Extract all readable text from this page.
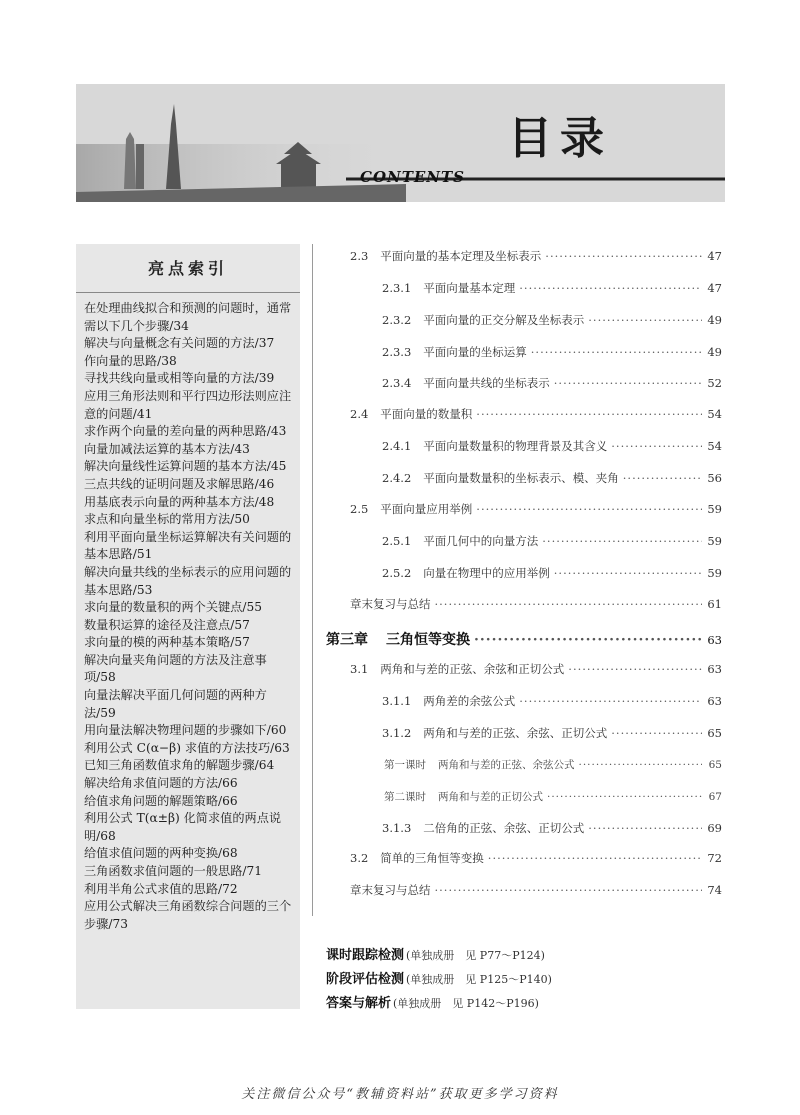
目录
CONTENTS
亮点索引
在处理曲线拟合和预测的问题时，通常需以下几个步骤/34
解决与向量概念有关问题的方法/37
作向量的思路/38
寻找共线向量或相等向量的方法/39
应用三角形法则和平行四边形法则应注意的问题/41
求作两个向量的差向量的两种思路/43
向量加减法运算的基本方法/43
解决向量线性运算问题的基本方法/45
三点共线的证明问题及求解思路/46
用基底表示向量的两种基本方法/48
求点和向量坐标的常用方法/50
利用平面向量坐标运算解决有关问题的基本思路/51
解决向量共线的坐标表示的应用问题的基本思路/53
求向量的数量积的两个关键点/55
数量积运算的途径及注意点/57
求向量的模的两种基本策略/57
解决向量夹角问题的方法及注意事项/58
向量法解决平面几何问题的两种方法/59
用向量法解决物理问题的步骤如下/60
利用公式 C(α−β) 求值的方法技巧/63
已知三角函数值求角的解题步骤/64
解决给角求值问题的方法/66
给值求角问题的解题策略/66
利用公式 T(α±β) 化简求值的两点说明/68
给值求值问题的两种变换/68
三角函数求值问题的一般思路/71
利用半角公式求值的思路/72
应用公式解决三角函数综合问题的三个步骤/73
2.3 平面向量的基本定理及坐标表示 ·····	47
2.3.1 平面向量基本定理 ·····	47
2.3.2 平面向量的正交分解及坐标表示 ·····	49
2.3.3 平面向量的坐标运算 ·····	49
2.3.4 平面向量共线的坐标表示 ·····	52
2.4 平面向量的数量积 ·····	54
2.4.1 平面向量数量积的物理背景及其含义 ·····	54
2.4.2 平面向量数量积的坐标表示、模、夹角 ·····	56
2.5 平面向量应用举例 ·····	59
2.5.1 平面几何中的向量方法 ·····	59
2.5.2 向量在物理中的应用举例 ·····	59
章末复习与总结 ·····	61
第三章 三角恒等变换 ·····	63
3.1 两角和与差的正弦、余弦和正切公式 ·····	63
3.1.1 两角差的余弦公式 ·····	63
3.1.2 两角和与差的正弦、余弦、正切公式 ·····	65
第一课时 两角和与差的正弦、余弦公式 ·····	65
第二课时 两角和与差的正切公式 ·····	67
3.1.3 二倍角的正弦、余弦、正切公式 ·····	69
3.2 简单的三角恒等变换 ·····	72
章末复习与总结 ·····	74
课时跟踪检测 (单独成册　见 P77～P124)
阶段评估检测 (单独成册　见 P125～P140)
答案与解析 (单独成册　见 P142～P196)
关注微信公众号“教辅资料站”获取更多学习资料
